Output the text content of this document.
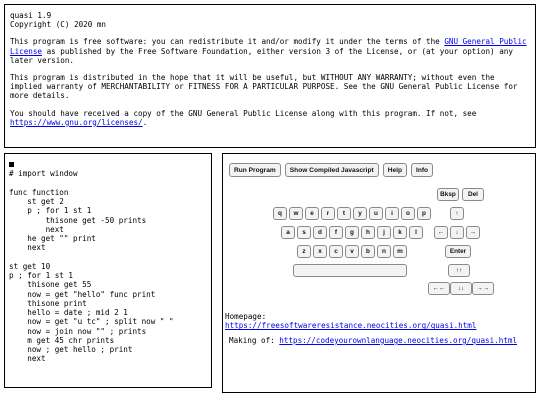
quasi 1.9
Copyright (C) 2020 mn

This program is free software: you can redistribute it and/or modify it under the terms of the GNU General Public License as published by the Free Software Foundation, either version 3 of the License, or (at your option) any later version.

This program is distributed in the hope that it will be useful, but WITHOUT ANY WARRANTY; without even the implied warranty of MERCHANTABILITY or FITNESS FOR A PARTICULAR PURPOSE. See the GNU General Public License for more details.

You should have received a copy of the GNU General Public License along with this program. If not, see https://www.gnu.org/licenses/.

# import window

func function
st get 2
p ; for 1 st 1
thisone get -50 prints
next
he get "" print
next

st get 10
p ; for 1 st 1
thisone get 55
now = get "hello" func print
thisone print
hello = date ; mid 2 1
now = get "u tc" ; split now " "
now = join now "" ; prints
m get 45 chr prints
now ; get hello ; print
next
Run Program	Show Compiled Javascript	Help	Info
Bksp	Del
↑
←	↓	→
Enter
↑↑
←←	↓↓	→→
q	w	e	r	t	y	u	i	o	p
a	s	d	f	g	h	j	k	l
z	x	c	v	b	n	m
Homepage:
https://freesoftwareresistance.neocities.org/quasi.html
Making of: https://codeyourownlanguage.neocities.org/quasi.html
